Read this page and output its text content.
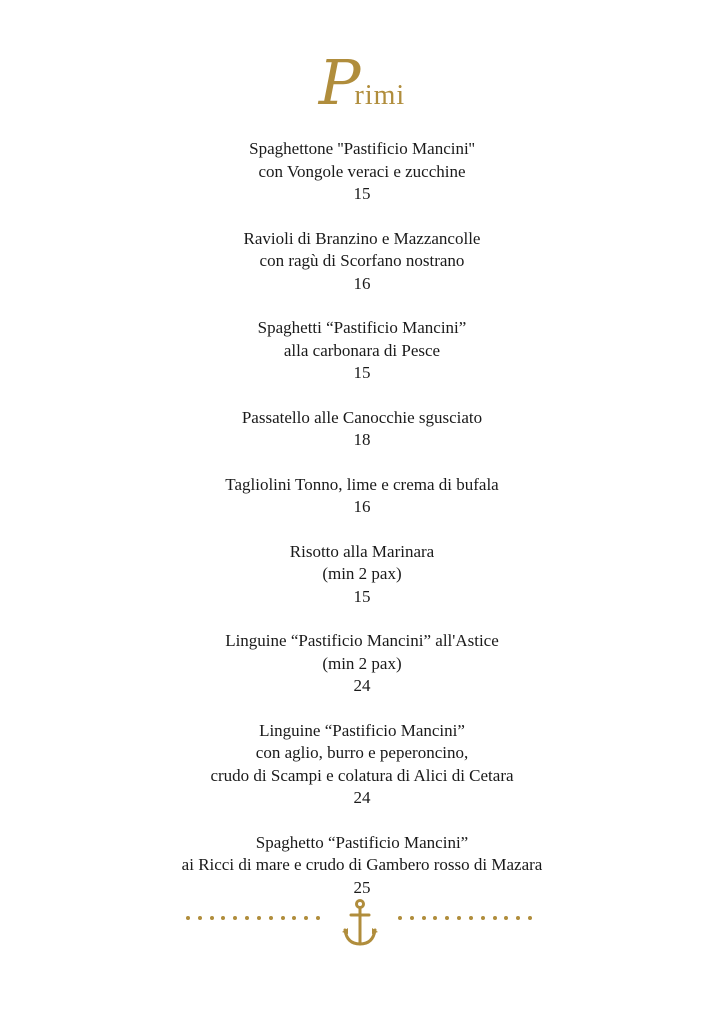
Primi
Spaghettone ''Pastificio Mancini''
con Vongole veraci e zucchine
15
Ravioli di Branzino e Mazzancolle
con ragù di Scorfano nostrano
16
Spaghetti “Pastificio Mancini”
alla carbonara di Pesce
15
Passatello alle Canocchie sgusciato
18
Tagliolini Tonno, lime e crema di bufala
16
Risotto alla Marinara
(min 2 pax)
15
Linguine “Pastificio Mancini” all'Astice
(min 2 pax)
24
Linguine “Pastificio Mancini”
con aglio, burro e peperoncino,
crudo di Scampi e colatura di Alici di Cetara
24
Spaghetto “Pastificio Mancini”
ai Ricci di mare e crudo di Gambero rosso di Mazara
25
